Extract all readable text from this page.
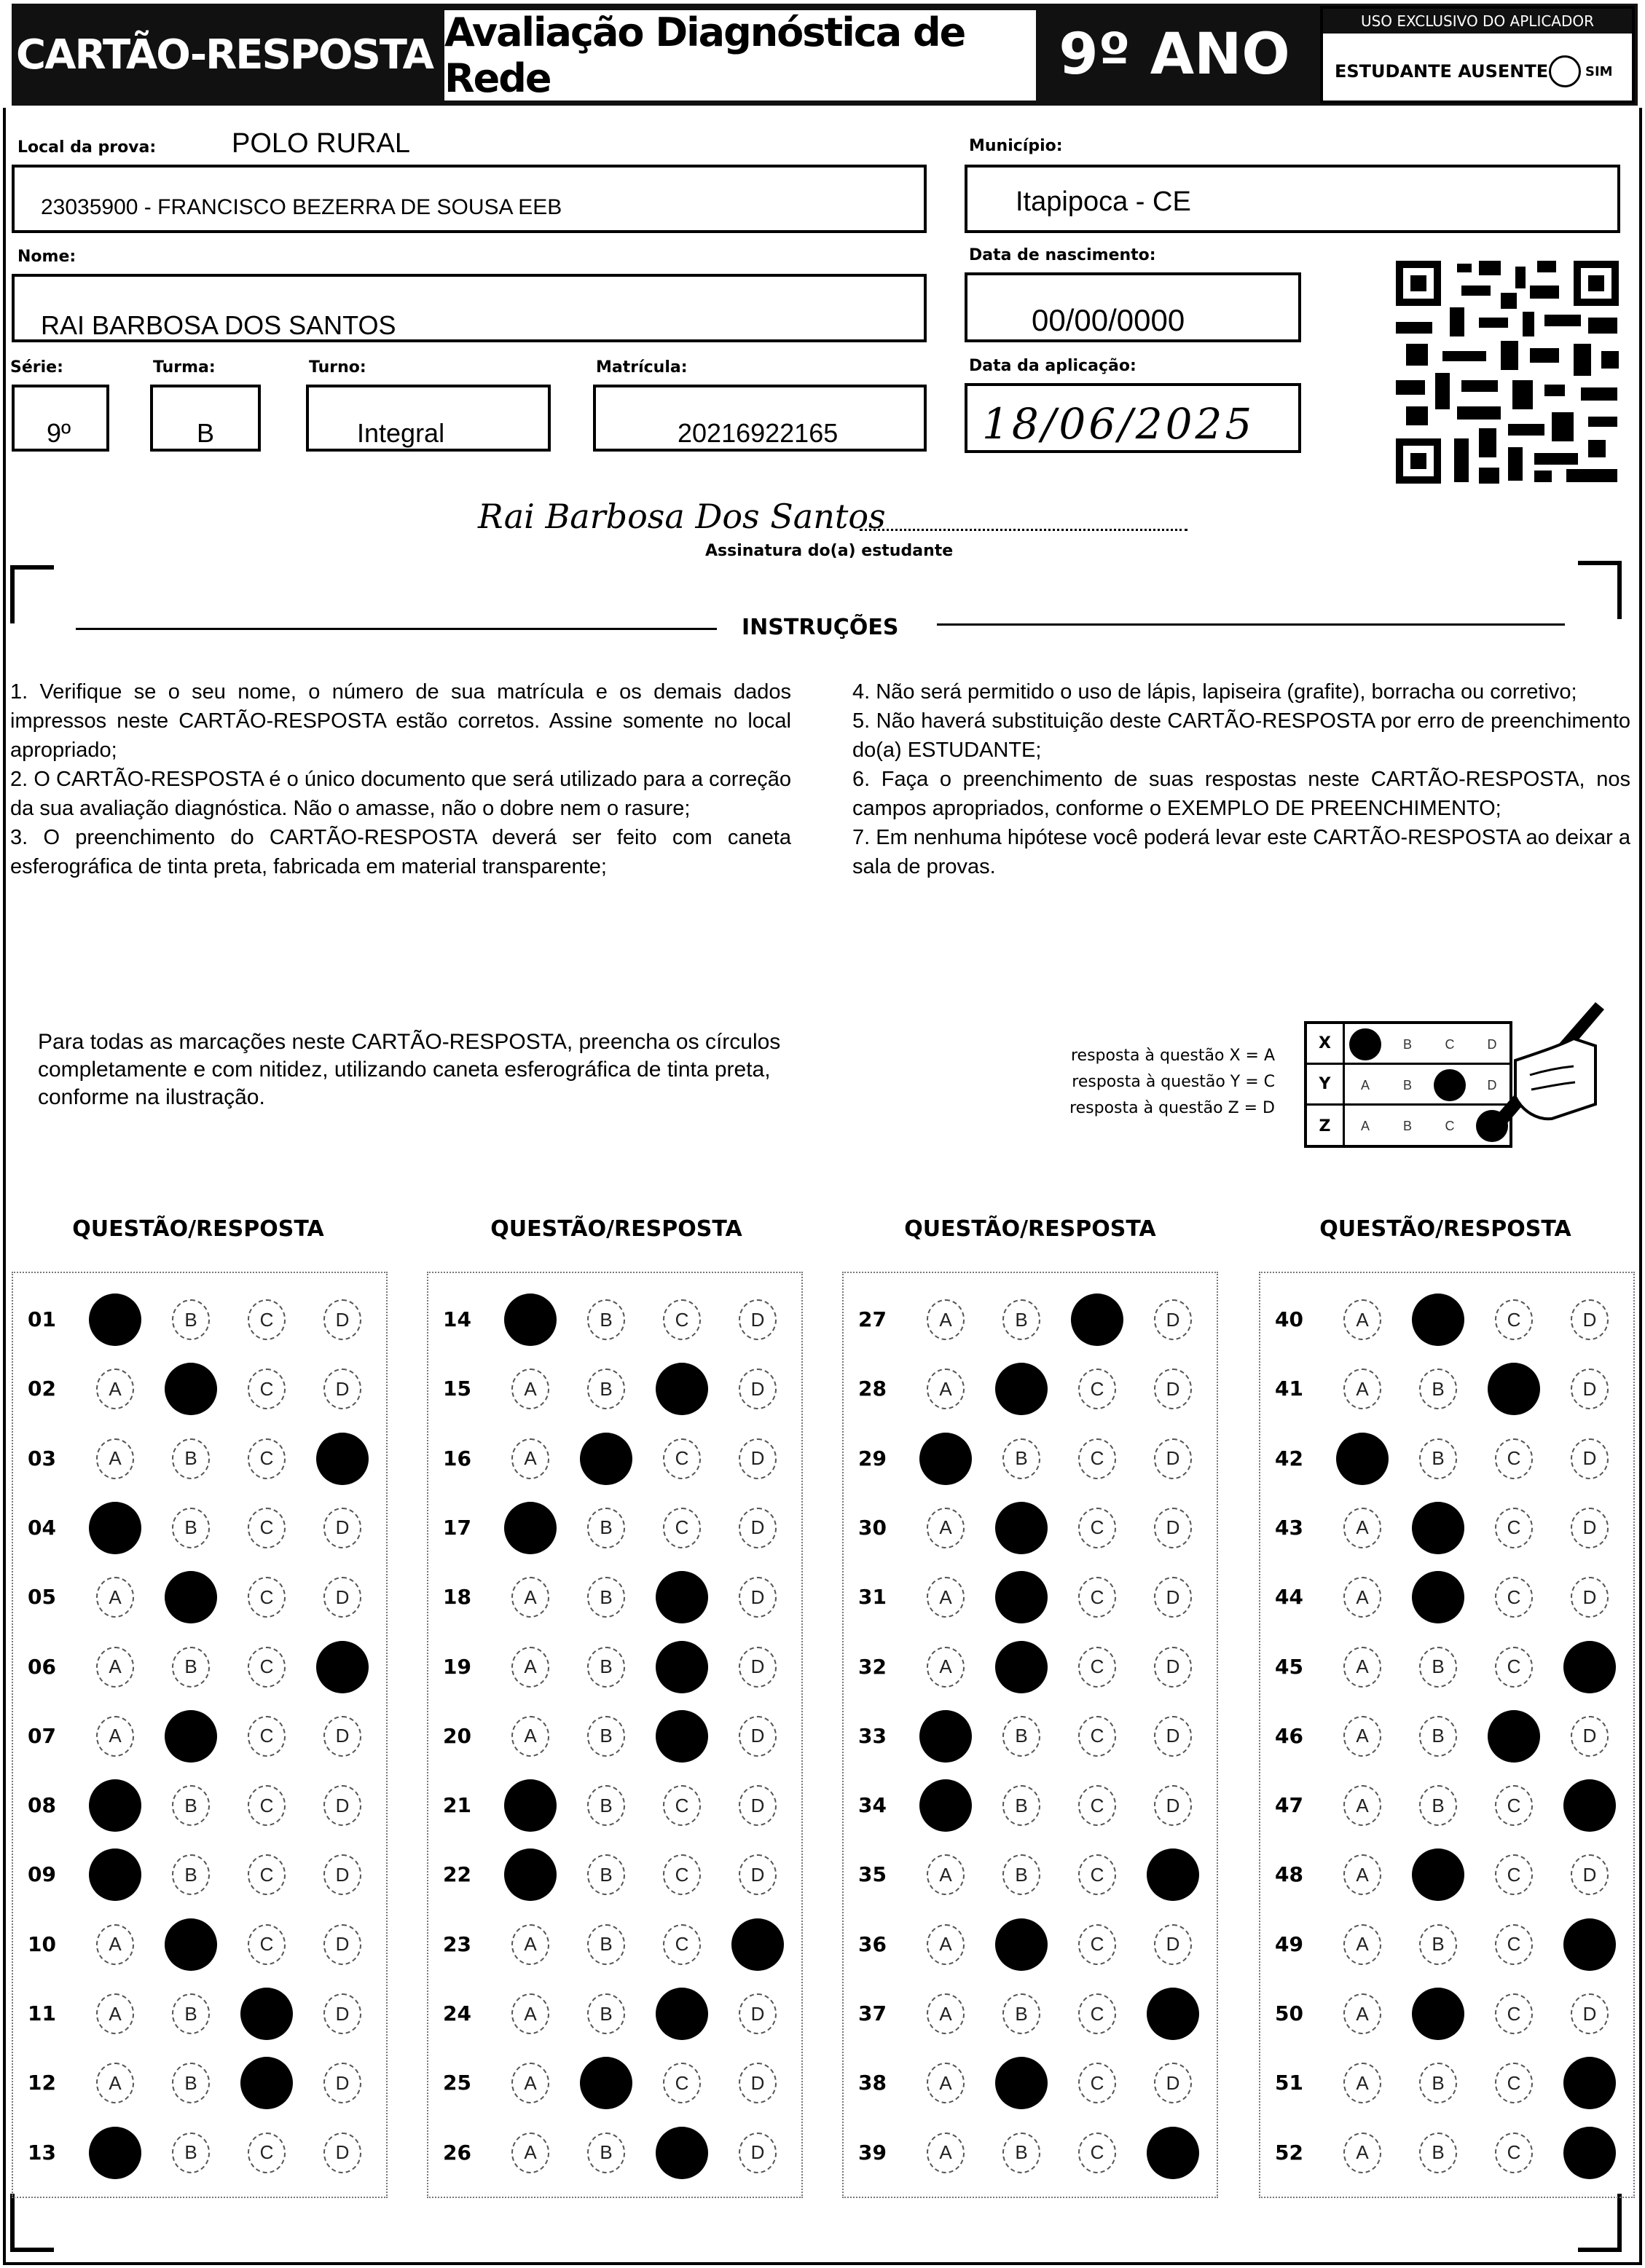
CARTÃO-RESPOSTA Avaliação Diagnóstica de Rede	9º ANO
USO EXCLUSIVO DO APLICADOR
ESTUDANTE AUSENTE	SIM
Local da prova:	POLO RURAL
23035900 - FRANCISCO BEZERRA DE SOUSA EEB
Município:
Itapipoca - CE
Nome:
RAI BARBOSA DOS SANTOS
Data de nascimento:
00/00/0000
Série:
9º
Turma:
B
Turno:
Integral
Matrícula:
20216922165
Data da aplicação:
18/06/2025
Rai Barbosa Dos Santos
Assinatura do(a) estudante
INSTRUÇÕES

1. Verifique se o seu nome, o número de sua matrícula e os demais dados impressos neste CARTÃO-RESPOSTA estão corretos. Assine somente no local apropriado;

2. O CARTÃO-RESPOSTA é o único documento que será utilizado para a correção da sua avaliação diagnóstica. Não o amasse, não o dobre nem o rasure;

3. O preenchimento do CARTÃO-RESPOSTA deverá ser feito com caneta esferográfica de tinta preta, fabricada em material transparente;

4. Não será permitido o uso de lápis, lapiseira (grafite), borracha ou corretivo;

5. Não haverá substituição deste CARTÃO-RESPOSTA por erro de preenchimento do(a) ESTUDANTE;

6. Faça o preenchimento de suas respostas neste CARTÃO-RESPOSTA, nos campos apropriados, conforme o EXEMPLO DE PREENCHIMENTO;

7. Em nenhuma hipótese você poderá levar este CARTÃO-RESPOSTA ao deixar a sala de provas.

Para todas as marcações neste CARTÃO-RESPOSTA, preencha os círculos completamente e com nitidez, utilizando caneta esferográfica de tinta preta, conforme na ilustração.
resposta à questão X = A
resposta à questão Y = C
resposta à questão Z = D
X	B	C	D
Y	A	B	D
Z	A	B	C
QUESTÃO/RESPOSTA
01	B	C	D
02	A	C	D
03	A	B	C
04	B	C	D
05	A	C	D
06	A	B	C
07	A	C	D
08	B	C	D
09	B	C	D
10	A	C	D
11	A	B	D
12	A	B	D
13	B	C	D
QUESTÃO/RESPOSTA
14	B	C	D
15	A	B	D
16	A	C	D
17	B	C	D
18	A	B	D
19	A	B	D
20	A	B	D
21	B	C	D
22	B	C	D
23	A	B	C
24	A	B	D
25	A	C	D
26	A	B	D
QUESTÃO/RESPOSTA
27	A	B	D
28	A	C	D
29	B	C	D
30	A	C	D
31	A	C	D
32	A	C	D
33	B	C	D
34	B	C	D
35	A	B	C
36	A	C	D
37	A	B	C
38	A	C	D
39	A	B	C
QUESTÃO/RESPOSTA
40	A	C	D
41	A	B	D
42	B	C	D
43	A	C	D
44	A	C	D
45	A	B	C
46	A	B	D
47	A	B	C
48	A	C	D
49	A	B	C
50	A	C	D
51	A	B	C
52	A	B	C
